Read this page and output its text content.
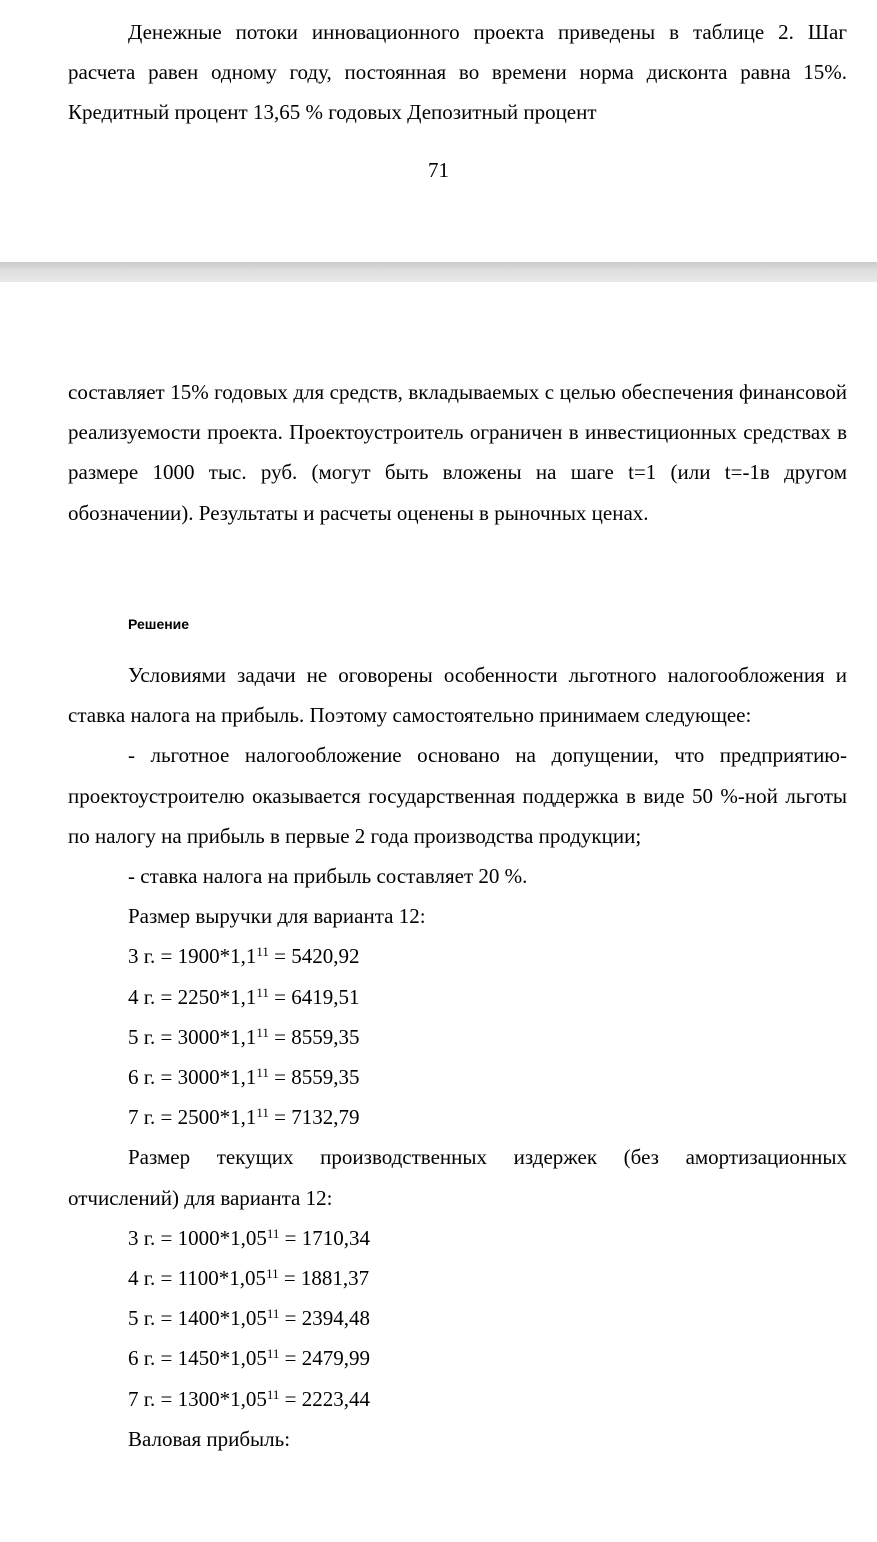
Денежные потоки инновационного проекта приведены в таблице 2. Шаг расчета равен одному году, постоянная во времени норма дисконта равна 15%. Кредитный процент 13,65 % годовых Депозитный процент

71

составляет 15% годовых для средств, вкладываемых с целью обеспечения финансовой реализуемости проекта. Проектоустроитель ограничен в инвестиционных средствах в размере 1000 тыс. руб. (могут быть вложены на шаге t=1 (или t=-1в другом обозначении). Результаты и расчеты оценены в рыночных ценах.

Решение

Условиями задачи не оговорены особенности льготного налогообложения и ставка налога на прибыль. Поэтому самостоятельно принимаем следующее:

- льготное налогообложение основано на допущении, что предприятию-проектоустроителю оказывается государственная поддержка в виде 50 %-ной льготы по налогу на прибыль в первые 2 года производства продукции;

- ставка налога на прибыль составляет 20 %.

Размер выручки для варианта 12:

3 г. = $1900*1,1^{11} = 5420,92$

4 г. = $2250*1,1^{11} = 6419,51$

5 г. = $3000*1,1^{11} = 8559,35$

6 г. = $3000*1,1^{11} = 8559,35$

7 г. = $2500*1,1^{11} = 7132,79$

Размер текущих производственных издержек (без амортизационных отчислений) для варианта 12:

3 г. = $1000*1,05^{11} = 1710,34$

4 г. = $1100*1,05^{11} = 1881,37$

5 г. = $1400*1,05^{11} = 2394,48$

6 г. = $1450*1,05^{11} = 2479,99$

7 г. = $1300*1,05^{11} = 2223,44$

Валовая прибыль:
